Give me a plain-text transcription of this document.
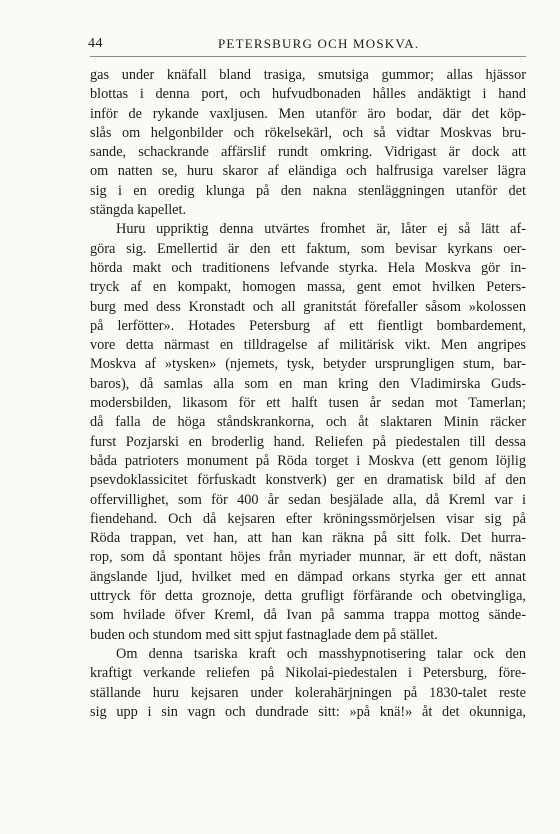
44	PETERSBURG OCH MOSKVA.
gas under knäfall bland trasiga, smutsiga gummor; allas hjässor
blottas i denna port, och hufvudbonaden hålles andäktigt i hand
inför de rykande vaxljusen. Men utanför äro bodar, där det köp-
slås om helgonbilder och rökelsekärl, och så vidtar Moskvas bru-
sande, schackrande affärslif rundt omkring. Vidrigast är dock att
om natten se, huru skaror af eländiga och halfrusiga varelser lägra
sig i en oredig klunga på den nakna stenläggningen utanför det
stängda kapellet.
Huru uppriktig denna utvärtes fromhet är, låter ej så lätt af-
göra sig. Emellertid är den ett faktum, som bevisar kyrkans oer-
hörda makt och traditionens lefvande styrka. Hela Moskva gör in-
tryck af en kompakt, homogen massa, gent emot hvilken Peters-
burg med dess Kronstadt och all granitstát förefaller såsom »kolossen
på lerfötter». Hotades Petersburg af ett fientligt bombardement,
vore detta närmast en tilldragelse af militärisk vikt. Men angripes
Moskva af »tysken» (njemets, tysk, betyder ursprungligen stum, bar-
baros), då samlas alla som en man kring den Vladimirska Guds-
modersbilden, likasom för ett halft tusen år sedan mot Tamerlan;
då falla de höga ståndskrankorna, och åt slaktaren Minin räcker
furst Pozjarski en broderlig hand. Reliefen på piedestalen till dessa
båda patrioters monument på Röda torget i Moskva (ett genom löjlig
psevdoklassicitet förfuskadt konstverk) ger en dramatisk bild af den
offervillighet, som för 400 år sedan besjälade alla, då Kreml var i
fiendehand. Och då kejsaren efter kröningssmörjelsen visar sig på
Röda trappan, vet han, att han kan räkna på sitt folk. Det hurra-
rop, som då spontant höjes från myriader munnar, är ett doft, nästan
ängslande ljud, hvilket med en dämpad orkans styrka ger ett annat
uttryck för detta groznoje, detta grufligt förfärande och obetvingliga,
som hvilade öfver Kreml, då Ivan på samma trappa mottog sände-
buden och stundom med sitt spjut fastnaglade dem på stället.
Om denna tsariska kraft och masshypnotisering talar ock den
kraftigt verkande reliefen på Nikolai-piedestalen i Petersburg, före-
ställande huru kejsaren under kolerahärjningen på 1830-talet reste
sig upp i sin vagn och dundrade sitt: »på knä!» åt det okunniga,
